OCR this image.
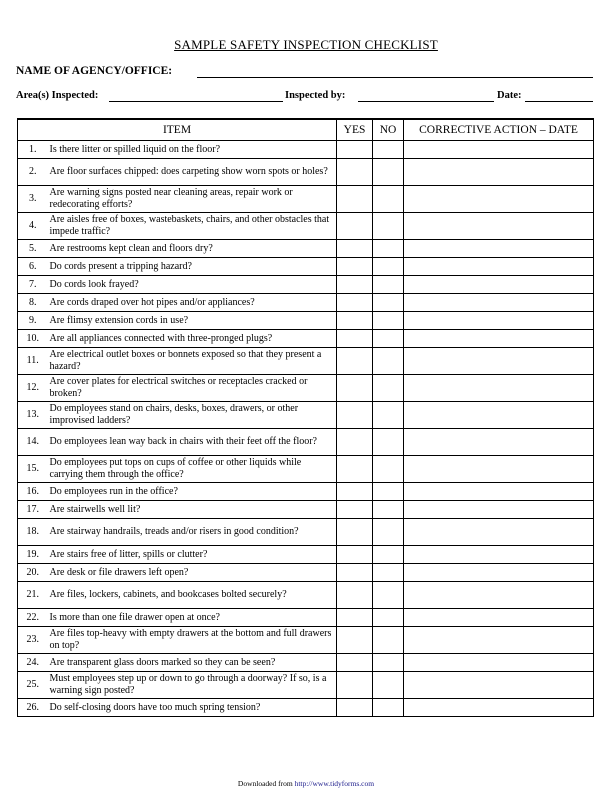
SAMPLE SAFETY INSPECTION CHECKLIST
NAME OF AGENCY/OFFICE:
Area(s) Inspected:	Inspected by:	Date:
ITEM		YES	NO	CORRECTIVE ACTION – DATE
1.	Is there litter or spilled liquid on the floor?			
2.	Are floor surfaces chipped: does carpeting show worn spots or holes?			
3.	Are warning signs posted near cleaning areas, repair work or redecorating efforts?			
4.	Are aisles free of boxes, wastebaskets, chairs, and other obstacles that impede traffic?			
5.	Are restrooms kept clean and floors dry?			
6.	Do cords present a tripping hazard?			
7.	Do cords look frayed?			
8.	Are cords draped over hot pipes and/or appliances?			
9.	Are flimsy extension cords in use?			
10.	Are all appliances connected with three-pronged plugs?			
11.	Are electrical outlet boxes or bonnets exposed so that they present a hazard?			
12.	Are cover plates for electrical switches or receptacles cracked or broken?			
13.	Do employees stand on chairs, desks, boxes, drawers, or other improvised ladders?			
14.	Do employees lean way back in chairs with their feet off the floor?			
15.	Do employees put tops on cups of coffee or other liquids while carrying them through the office?			
16.	Do employees run in the office?			
17.	Are stairwells well lit?			
18.	Are stairway handrails, treads and/or risers in good condition?			
19.	Are stairs free of litter, spills or clutter?			
20.	Are desk or file drawers left open?			
21.	Are files, lockers, cabinets, and bookcases bolted securely?			
22.	Is more than one file drawer open at once?			
23.	Are files top-heavy with empty drawers at the bottom and full drawers on top?			
24.	Are transparent glass doors marked so they can be seen?			
25.	Must employees step up or down to go through a doorway? If so, is a warning sign posted?			
26.	Do self-closing doors have too much spring tension?			
Downloaded from http://www.tidyforms.com
